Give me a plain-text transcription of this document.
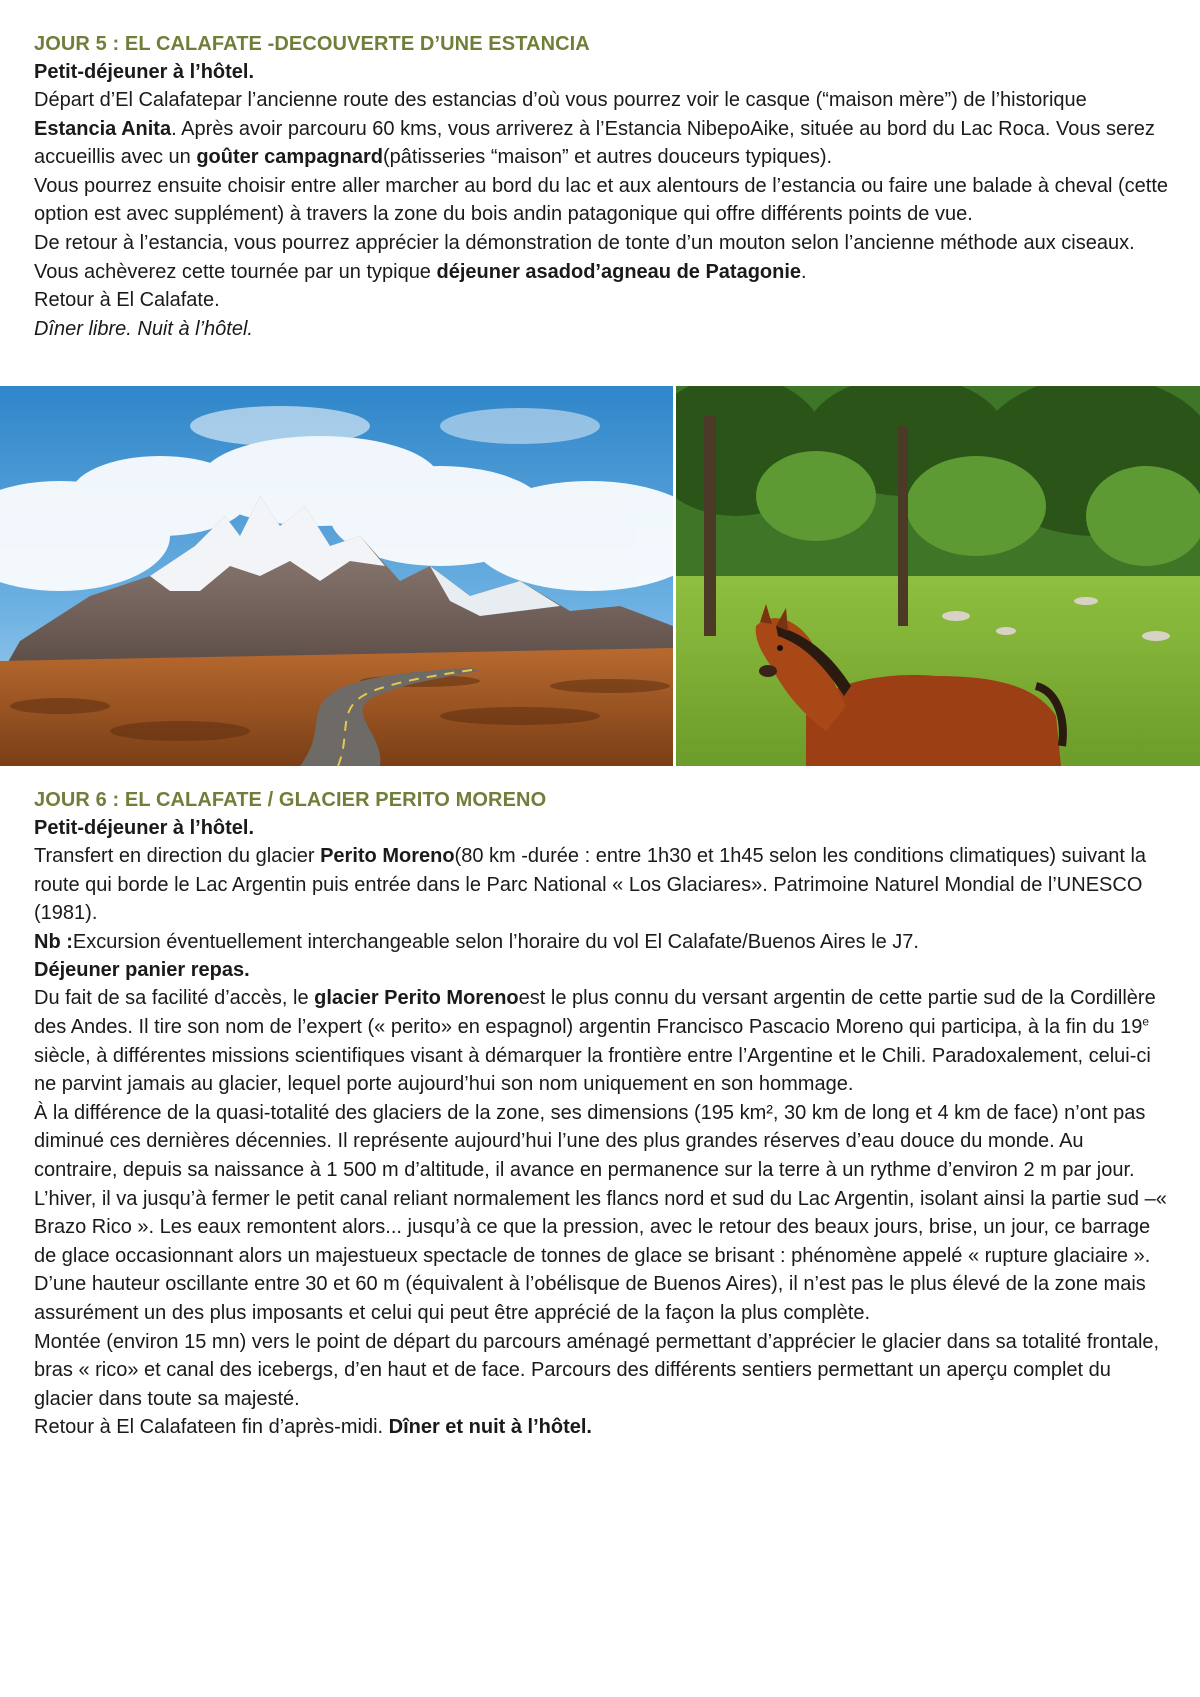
JOUR 5 : EL CALAFATE -DECOUVERTE D’UNE ESTANCIA

Petit-déjeuner à l’hôtel.

Départ d’El Calafatepar l’ancienne route des estancias d’où vous pourrez voir le casque (“maison mère”) de l’historique Estancia Anita. Après avoir parcouru 60 kms, vous arriverez à l’Estancia NibepoAike, située au bord du Lac Roca. Vous serez accueillis avec un goûter campagnard(pâtisseries “maison” et autres douceurs typiques).

Vous pourrez ensuite choisir entre aller marcher au bord du lac et aux alentours de l’estancia ou faire une balade à cheval (cette option est avec supplément) à travers la zone du bois andin patagonique qui offre différents points de vue.

De retour à l’estancia, vous pourrez apprécier la démonstration de tonte d’un mouton selon l’ancienne méthode aux ciseaux. Vous achèverez cette tournée par un typique déjeuner asadod’agneau de Patagonie.

Retour à El Calafate.

Dîner libre. Nuit à l’hôtel.

JOUR 6 : EL CALAFATE / GLACIER PERITO MORENO

Petit-déjeuner à l’hôtel.

Transfert en direction du glacier Perito Moreno(80 km -durée : entre 1h30 et 1h45 selon les conditions climatiques) suivant la route qui borde le Lac Argentin puis entrée dans le Parc National « Los Glaciares». Patrimoine Naturel Mondial de l’UNESCO (1981).

Nb :Excursion éventuellement interchangeable selon l’horaire du vol El Calafate/Buenos Aires le J7.

Déjeuner panier repas.

Du fait de sa facilité d’accès, le glacier Perito Morenoest le plus connu du versant argentin de cette partie sud de la Cordillère des Andes. Il tire son nom de l’expert (« perito» en espagnol) argentin Francisco Pascacio Moreno qui participa, à la fin du 19e siècle, à différentes missions scientifiques visant à démarquer la frontière entre l’Argentine et le Chili. Paradoxalement, celui-ci ne parvint jamais au glacier, lequel porte aujourd’hui son nom uniquement en son hommage.

À la différence de la quasi-totalité des glaciers de la zone, ses dimensions (195 km², 30 km de long et 4 km de face) n’ont pas diminué ces dernières décennies. Il représente aujourd’hui l’une des plus grandes réserves d’eau douce du monde. Au contraire, depuis sa naissance à 1 500 m d’altitude, il avance en permanence sur la terre à un rythme d’environ 2 m par jour. L’hiver, il va jusqu’à fermer le petit canal reliant normalement les flancs nord et sud du Lac Argentin, isolant ainsi la partie sud –« Brazo Rico ». Les eaux remontent alors... jusqu’à ce que la pression, avec le retour des beaux jours, brise, un jour, ce barrage de glace occasionnant alors un majestueux spectacle de tonnes de glace se brisant : phénomène appelé « rupture glaciaire ».

D’une hauteur oscillante entre 30 et 60 m (équivalent à l’obélisque de Buenos Aires), il n’est pas le plus élevé de la zone mais assurément un des plus imposants et celui qui peut être apprécié de la façon la plus complète.

Montée (environ 15 mn) vers le point de départ du parcours aménagé permettant d’apprécier le glacier dans sa totalité frontale, bras « rico» et canal des icebergs, d’en haut et de face. Parcours des différents sentiers permettant un aperçu complet du glacier dans toute sa majesté.

Retour à El Calafateen fin d’après-midi. Dîner et nuit à l’hôtel.
